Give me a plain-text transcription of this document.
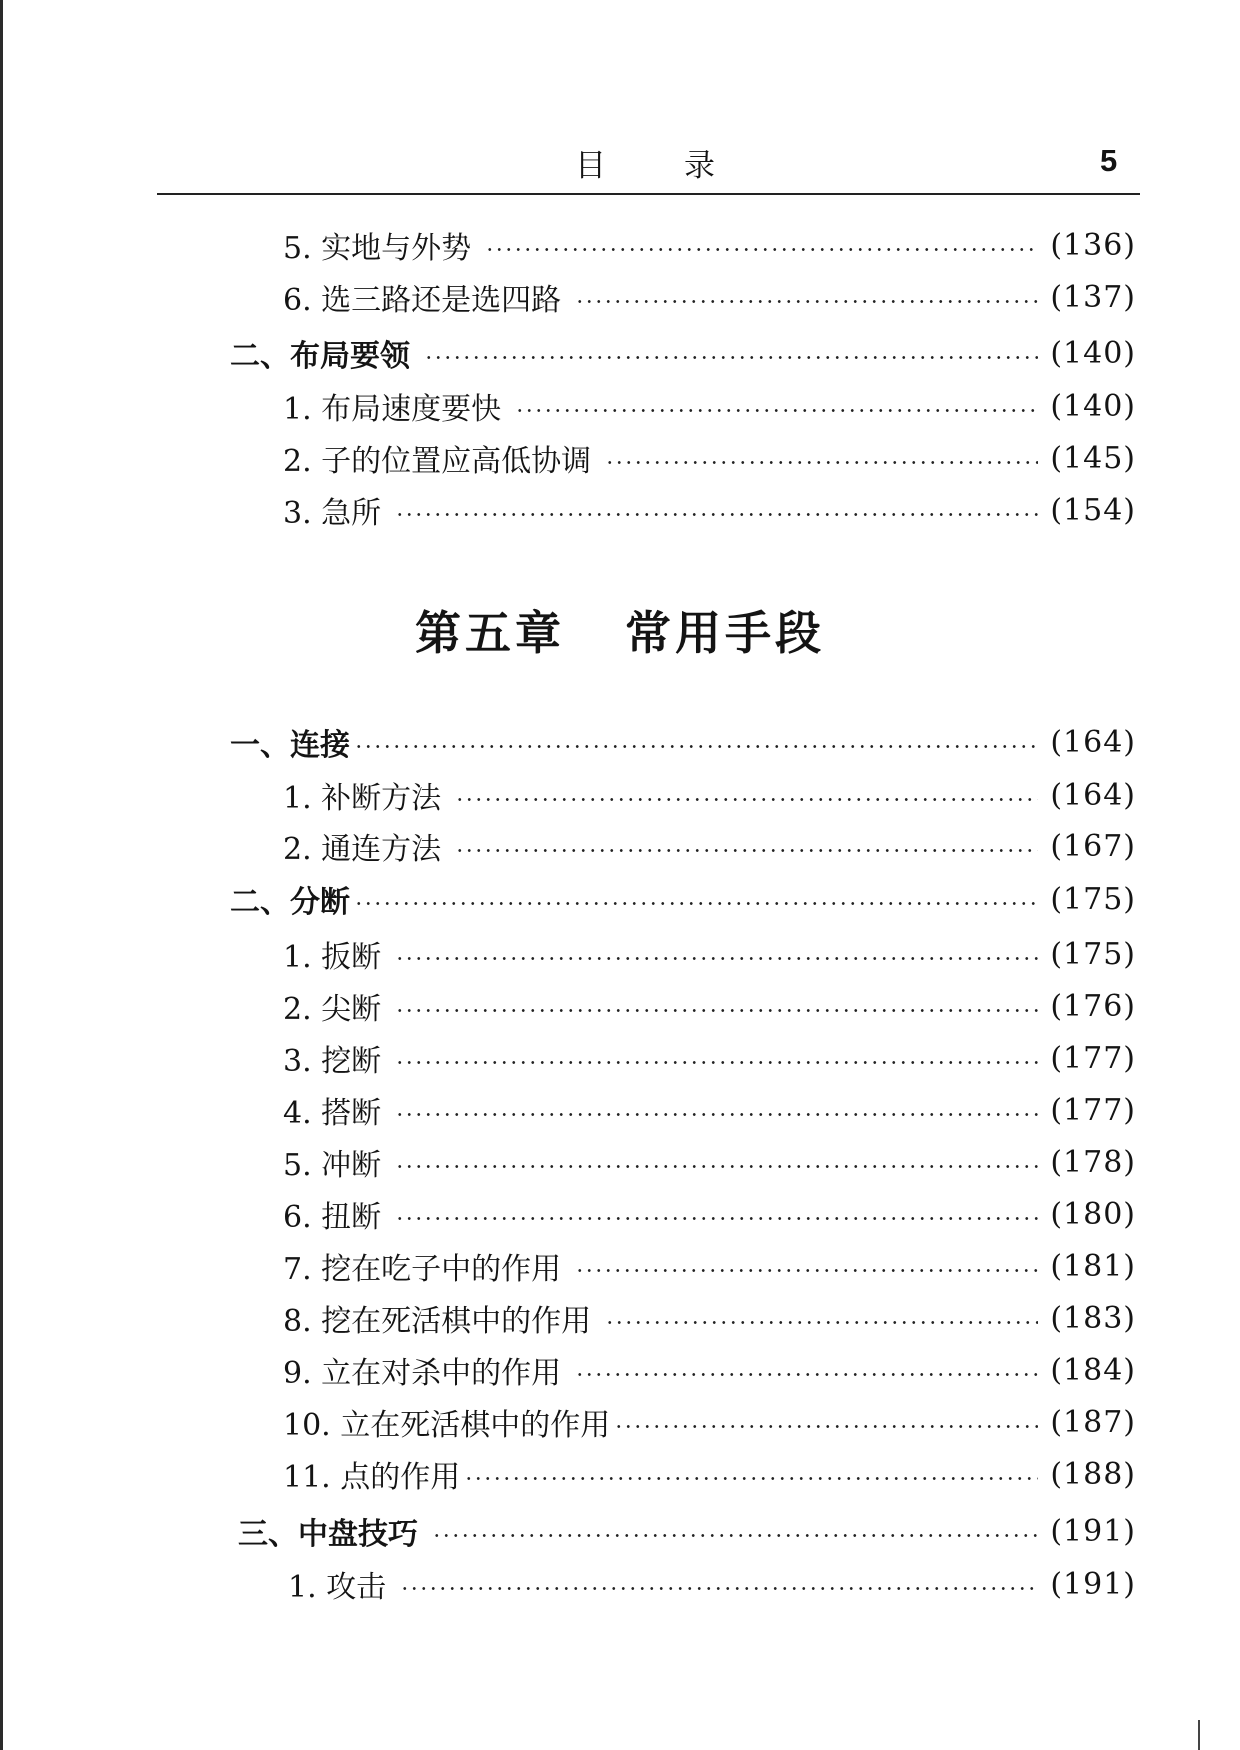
目	录	5
5. 实地与外势	(136)
6. 选三路还是选四路	(137)
二、布局要领	(140)
1. 布局速度要快	(140)
2. 子的位置应高低协调	(145)
3. 急所	(154)
第五章   常用手段
一、连接	(164)
1. 补断方法	(164)
2. 通连方法	(167)
二、分断	(175)
1. 扳断	(175)
2. 尖断	(176)
3. 挖断	(177)
4. 搭断	(177)
5. 冲断	(178)
6. 扭断	(180)
7. 挖在吃子中的作用	(181)
8. 挖在死活棋中的作用	(183)
9. 立在对杀中的作用	(184)
10. 立在死活棋中的作用	(187)
11. 点的作用	(188)
三、中盘技巧	(191)
1. 攻击	(191)
